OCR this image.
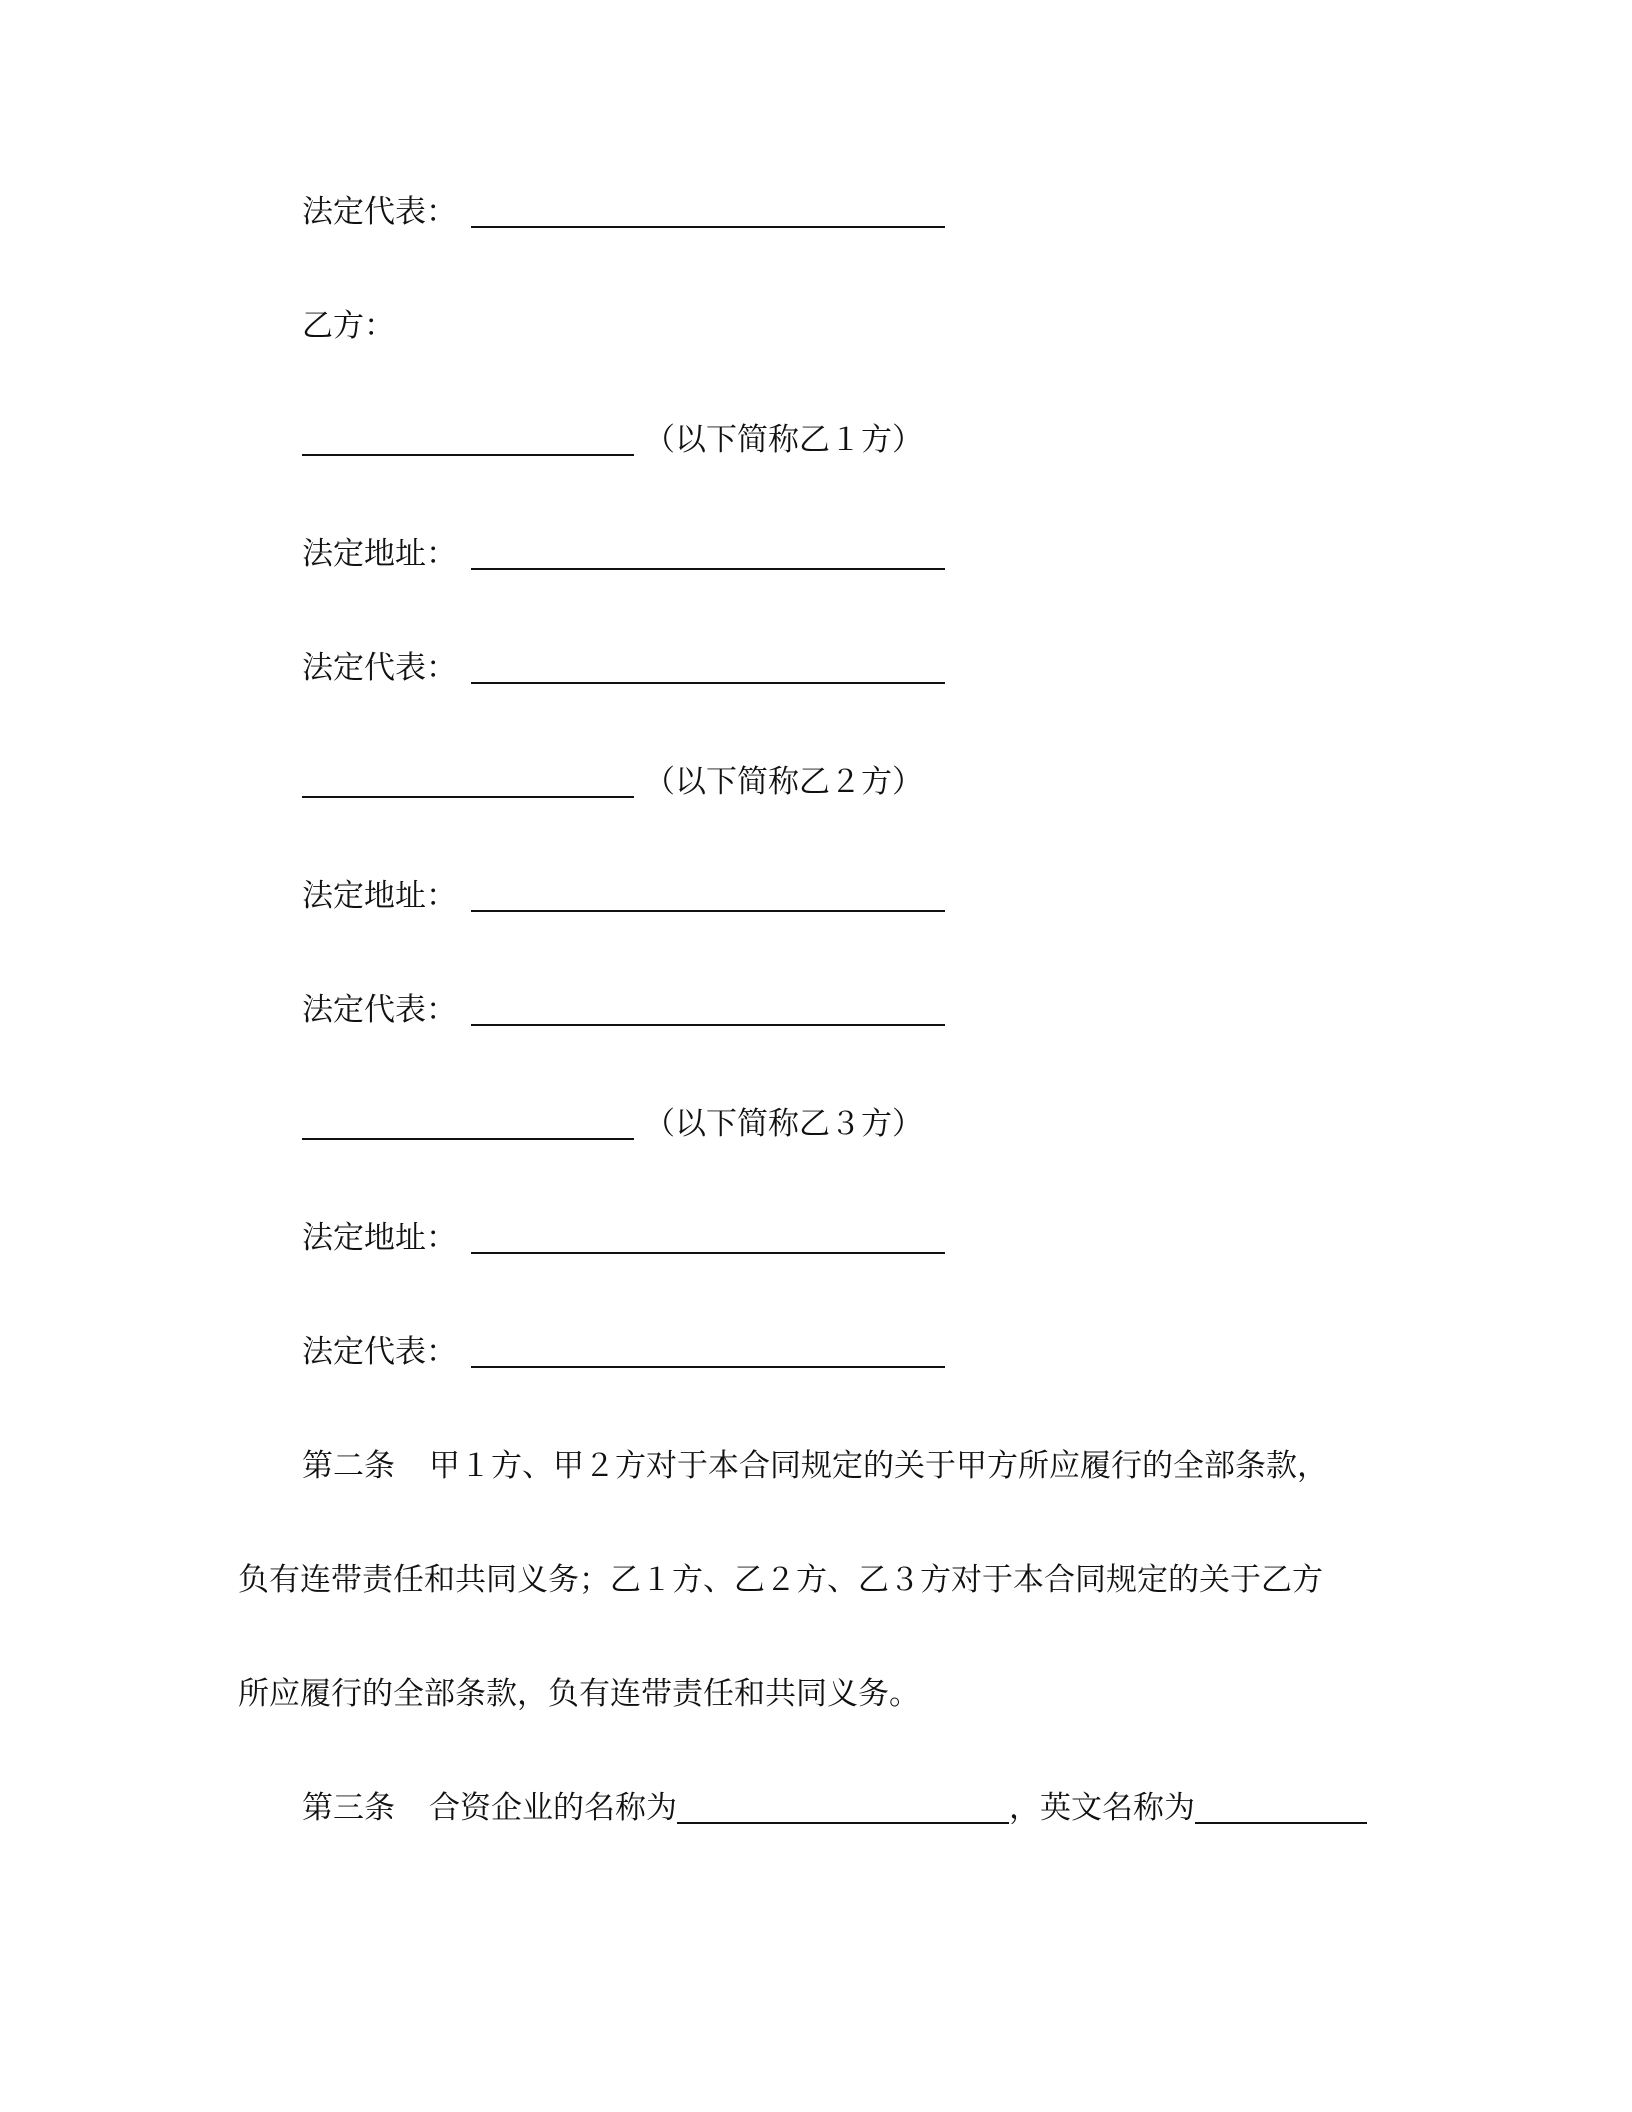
法定代表 ：
乙方：
（以下简称乙１方）
法定地址 ：
法定代表 ：
（以下简称乙２方）
法定地址 ：
法定代表 ：
（以下简称乙３方）
法定地址 ：
法定代表 ：
第二条 甲１方、甲２方对于本合同规定的关于甲方所应履行的全部条款，
负有连带责任和共同义务；乙１方、乙２方、乙３方对于本合同规定的关于乙方
所应履行的全部条款，负有连带责任和共同义务。
第三条 合资企业的名称为	，英文名称为
